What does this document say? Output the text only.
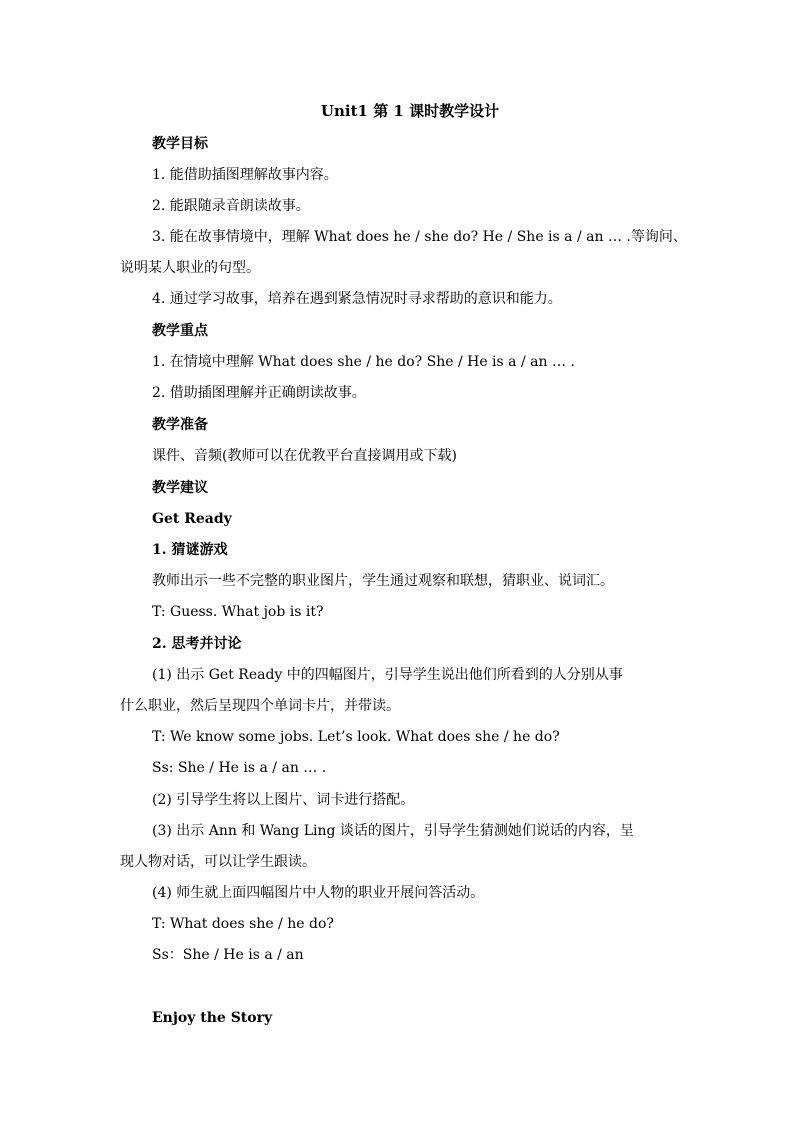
Unit1 第 1 课时教学设计
教学目标
1. 能借助插图理解故事内容。
2. 能跟随录音朗读故事。
3. 能在故事情境中，理解 What does he / she do? He / She is a / an … .等询问、
说明某人职业的句型。
4. 通过学习故事，培养在遇到紧急情况时寻求帮助的意识和能力。
教学重点
1. 在情境中理解 What does she / he do? She / He is a / an … .
2. 借助插图理解并正确朗读故事。
教学准备
课件、音频(教师可以在优教平台直接调用或下载)
教学建议
Get Ready
1. 猜谜游戏
教师出示一些不完整的职业图片，学生通过观察和联想，猜职业、说词汇。
T: Guess. What job is it?
2. 思考并讨论
(1) 出示 Get Ready 中的四幅图片，引导学生说出他们所看到的人分别从事
什么职业，然后呈现四个单词卡片，并带读。
T: We know some jobs. Let’s look. What does she / he do?
Ss: She / He is a / an … .
(2) 引导学生将以上图片、词卡进行搭配。
(3) 出示 Ann 和 Wang Ling 谈话的图片，引导学生猜测她们说话的内容，呈
现人物对话，可以让学生跟读。
(4) 师生就上面四幅图片中人物的职业开展问答活动。
T: What does she / he do?
Ss：She / He is a / an
Enjoy the Story
